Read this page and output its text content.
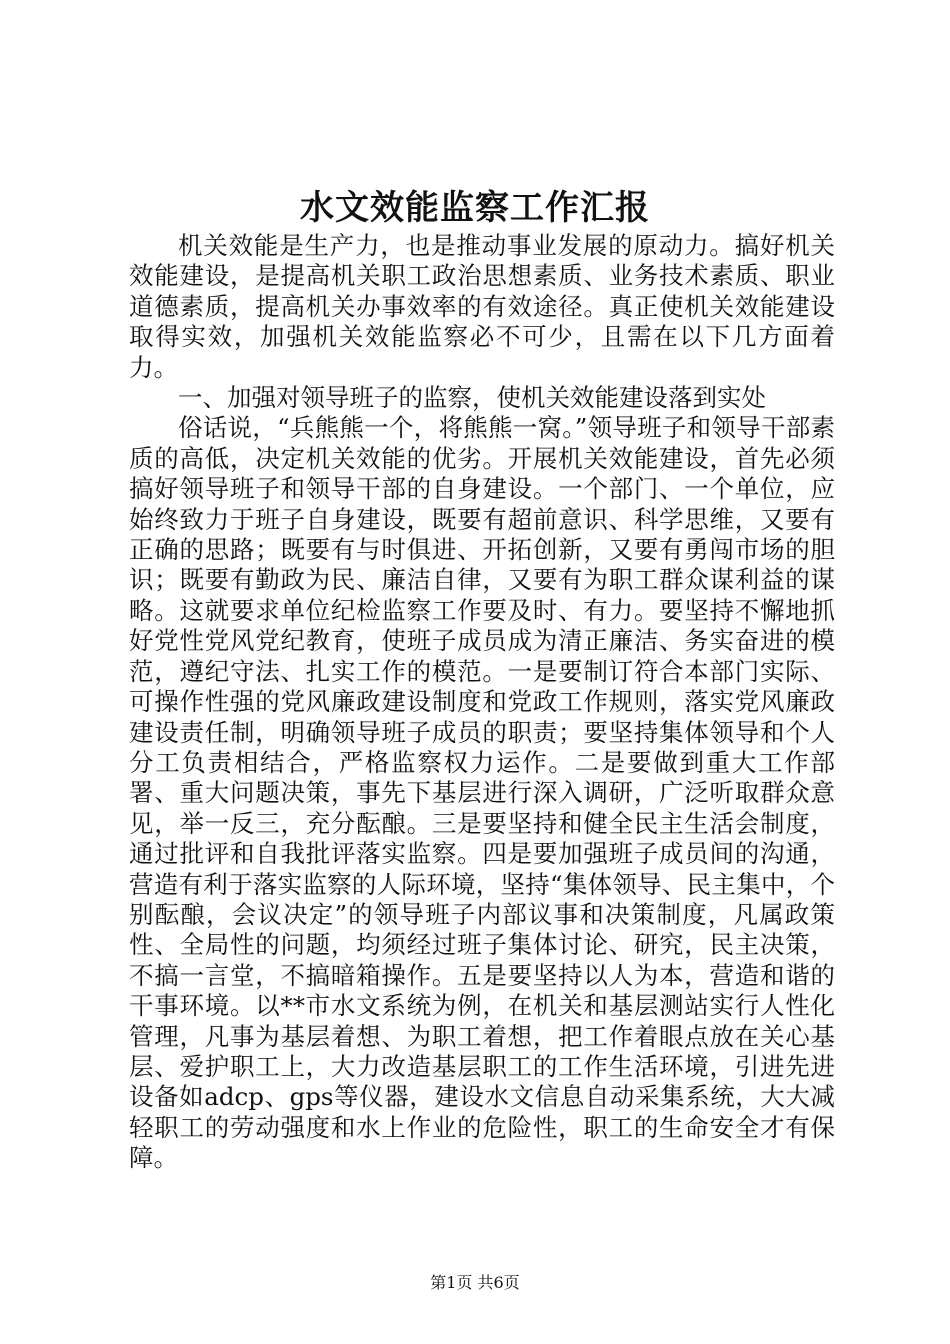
水文效能监察工作汇报

机关效能是生产力，也是推动事业发展的原动力。搞好机关效能建设，是提高机关职工政治思想素质、业务技术素质、职业道德素质，提高机关办事效率的有效途径。真正使机关效能建设取得实效，加强机关效能监察必不可少，且需在以下几方面着力。

一、加强对领导班子的监察，使机关效能建设落到实处

俗话说，“兵熊熊一个，将熊熊一窝。”领导班子和领导干部素质的高低，决定机关效能的优劣。开展机关效能建设，首先必须搞好领导班子和领导干部的自身建设。一个部门、一个单位，应始终致力于班子自身建设，既要有超前意识、科学思维，又要有正确的思路；既要有与时俱进、开拓创新，又要有勇闯市场的胆识；既要有勤政为民、廉洁自律，又要有为职工群众谋利益的谋略。这就要求单位纪检监察工作要及时、有力。要坚持不懈地抓好党性党风党纪教育，使班子成员成为清正廉洁、务实奋进的模范，遵纪守法、扎实工作的模范。一是要制订符合本部门实际、可操作性强的党风廉政建设制度和党政工作规则，落实党风廉政建设责任制，明确领导班子成员的职责；要坚持集体领导和个人分工负责相结合，严格监察权力运作。二是要做到重大工作部署、重大问题决策，事先下基层进行深入调研，广泛听取群众意见，举一反三，充分酝酿。三是要坚持和健全民主生活会制度，通过批评和自我批评落实监察。四是要加强班子成员间的沟通，营造有利于落实监察的人际环境，坚持“集体领导、民主集中，个别酝酿，会议决定”的领导班子内部议事和决策制度，凡属政策性、全局性的问题，均须经过班子集体讨论、研究，民主决策，不搞一言堂，不搞暗箱操作。五是要坚持以人为本，营造和谐的干事环境。以**市水文系统为例，在机关和基层测站实行人性化管理，凡事为基层着想、为职工着想，把工作着眼点放在关心基层、爱护职工上，大力改造基层职工的工作生活环境，引进先进设备如adcp、gps等仪器，建设水文信息自动采集系统，大大减轻职工的劳动强度和水上作业的危险性，职工的生命安全才有保障。

第1页 共6页
